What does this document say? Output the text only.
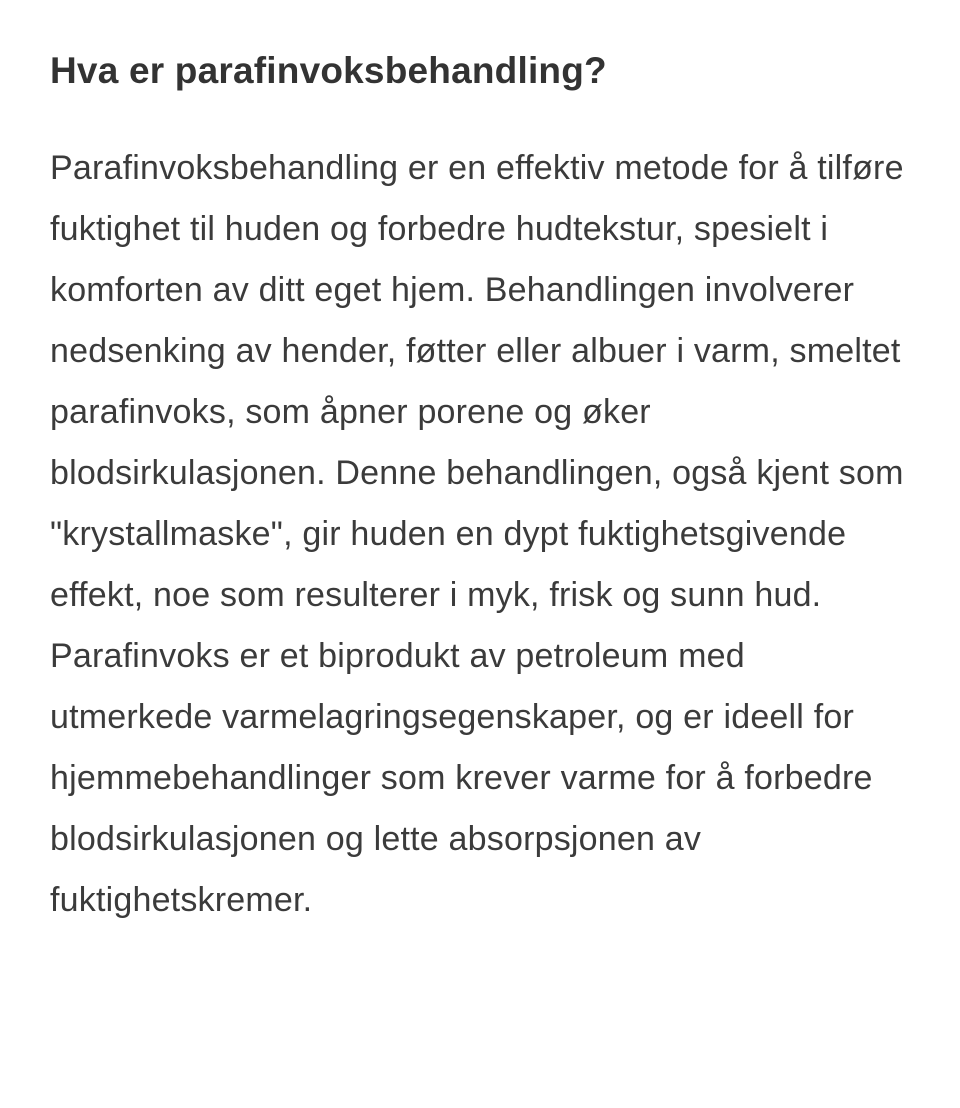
Hva er parafinvoksbehandling?

Parafinvoksbehandling er en effektiv metode for å tilføre fuktighet til huden og forbedre hudtekstur, spesielt i komforten av ditt eget hjem. Behandlingen involverer nedsenking av hender, føtter eller albuer i varm, smeltet parafinvoks, som åpner porene og øker blodsirkulasjonen. Denne behandlingen, også kjent som "krystallmaske", gir huden en dypt fuktighetsgivende effekt, noe som resulterer i myk, frisk og sunn hud. Parafinvoks er et biprodukt av petroleum med utmerkede varmelagringsegenskaper, og er ideell for hjemmebehandlinger som krever varme for å forbedre blodsirkulasjonen og lette absorpsjonen av fuktighetskremer.
